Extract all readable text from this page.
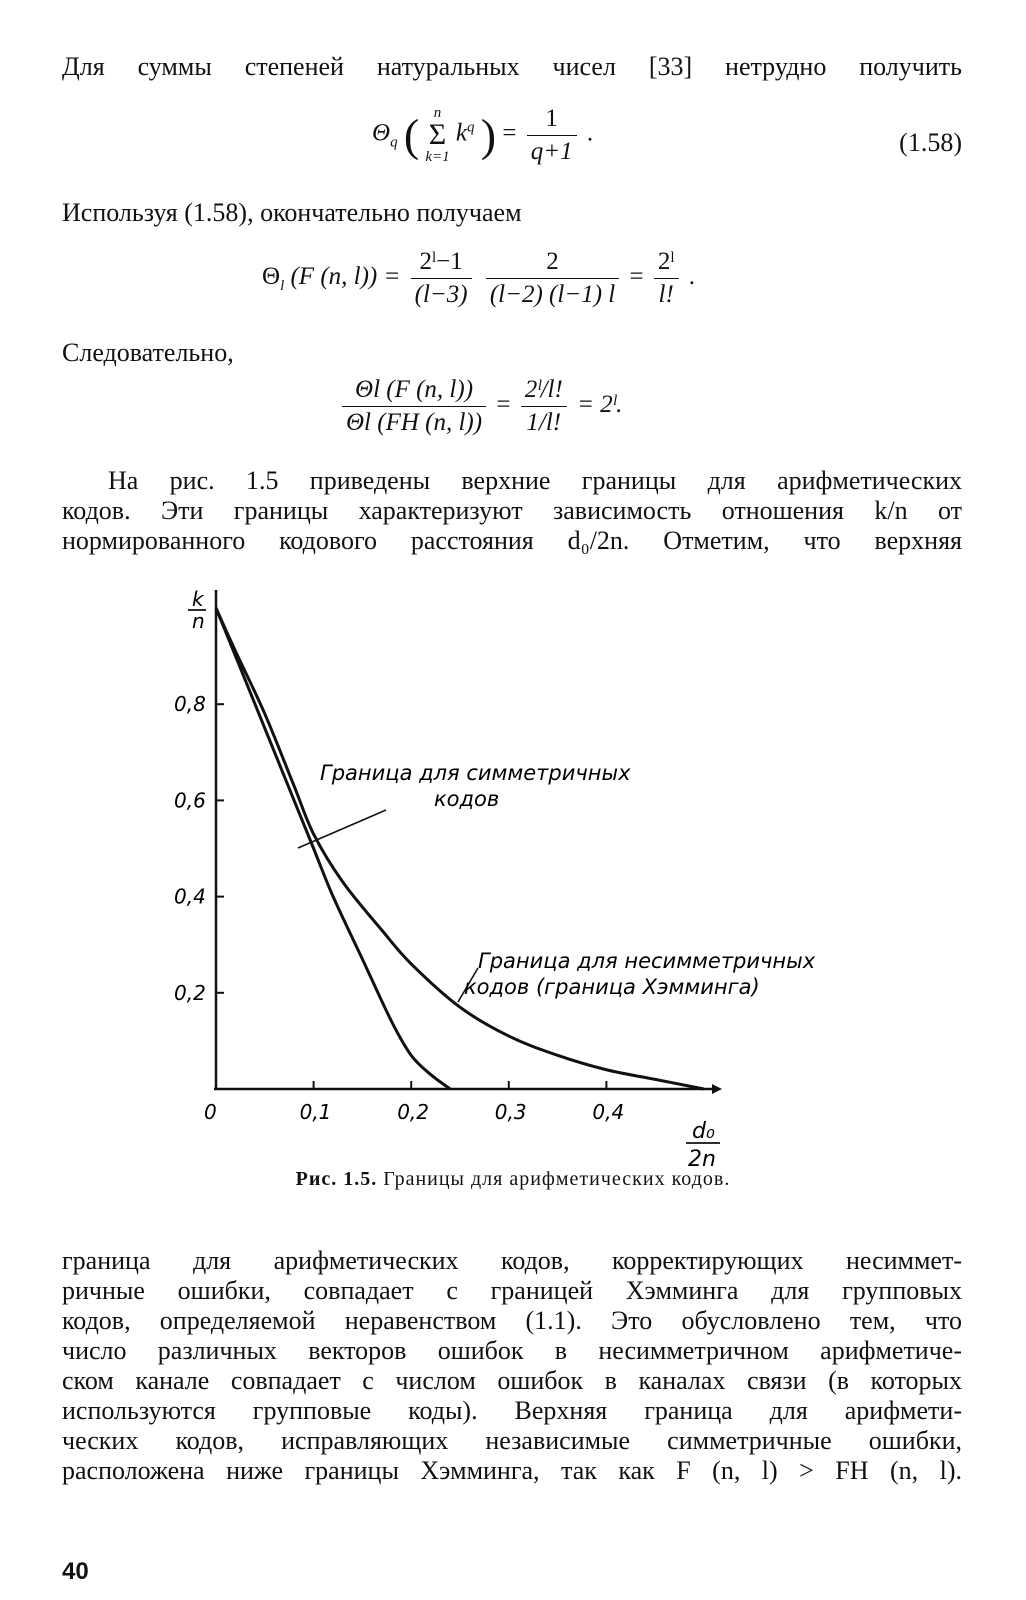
Для суммы степеней натуральных чисел [33] нетрудно получить
$\Theta_q$ ( n
Σ
k=1
$k^q$ ) = $\frac{1}{q+1}$ .	(1.58)
Используя (1.58), окончательно получаем
$\Theta_l$ (F (n, $l)) = \frac{\text{2ˡ−1}}{(l-3)}$
$\frac{2}{(l-2) (l-1) l} = \frac{\text{2ˡ}}{l!}$ .
Следовательно,
$\frac{\Theta l (F (n, l))}{\Theta l (FH (n, l))} = \frac{\text{2ˡ/l!}}{1/l!}$ = 2ˡ.
На рис. 1.5 приведены верхние границы для арифметических
кодов. Эти границы характеризуют зависимость отношения k/n от
нормированного кодового расстояния d₀/2n. Отметим, что верхняя
0,2
0,4
0,6
0,8
0	0,1	0,2	0,3	0,4
k
n
d₀
2n
Граница для симметричных
кодов
Граница для несимметричных
кодов (граница Хэмминга)
Рис. 1.5. Границы для арифметических кодов.
граница для арифметических кодов, корректирующих несиммет-
ричные ошибки, совпадает с границей Хэмминга для групповых
кодов, определяемой неравенством (1.1). Это обусловлено тем, что
число различных векторов ошибок в несимметричном арифметиче-
ском канале совпадает с числом ошибок в каналах связи (в которых
используются групповые коды). Верхняя граница для арифмети-
ческих кодов, исправляющих независимые симметричные ошибки,
расположена ниже границы Хэмминга, так как F (n, l) > FH (n, l).
40
